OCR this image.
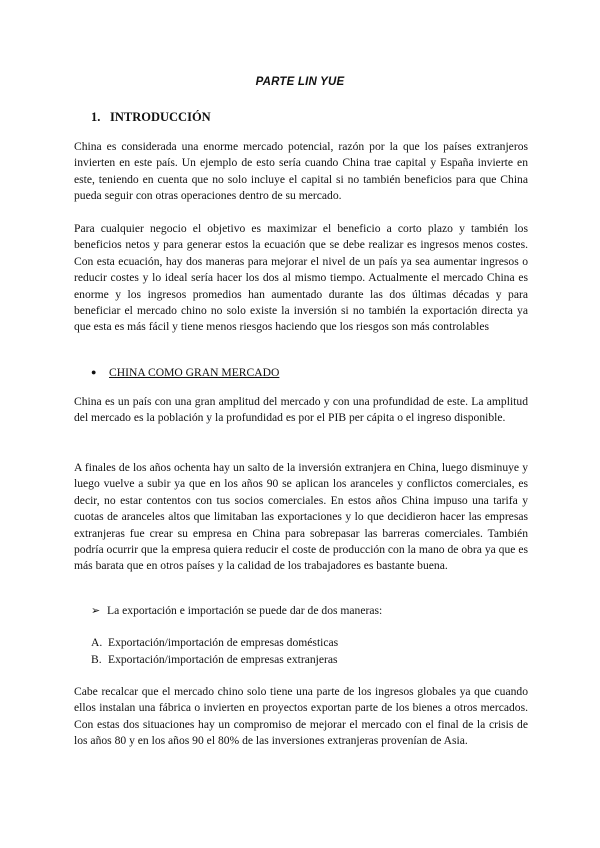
PARTE LIN YUE
1. INTRODUCCIÓN

China es considerada una enorme mercado potencial, razón por la que los países extranjeros invierten en este país. Un ejemplo de esto sería cuando China trae capital y España invierte en este, teniendo en cuenta que no solo incluye el capital si no también beneficios para que China pueda seguir con otras operaciones dentro de su mercado.

Para cualquier negocio el objetivo es maximizar el beneficio a corto plazo y también los beneficios netos y para generar estos la ecuación que se debe realizar es ingresos menos costes. Con esta ecuación, hay dos maneras para mejorar el nivel de un país ya sea aumentar ingresos o reducir costes y lo ideal sería hacer los dos al mismo tiempo. Actualmente el mercado China es enorme y los ingresos promedios han aumentado durante las dos últimas décadas y para beneficiar el mercado chino no solo existe la inversión si no también la exportación directa ya que esta es más fácil y tiene menos riesgos haciendo que los riesgos son más controlables

● CHINA COMO GRAN MERCADO

China es un país con una gran amplitud del mercado y con una profundidad de este. La amplitud del mercado es la población y la profundidad es por el PIB per cápita o el ingreso disponible.

A finales de los años ochenta hay un salto de la inversión extranjera en China, luego disminuye y luego vuelve a subir ya que en los años 90 se aplican los aranceles y conflictos comerciales, es decir, no estar contentos con tus socios comerciales. En estos años China impuso una tarifa y cuotas de aranceles altos que limitaban las exportaciones y lo que decidieron hacer las empresas extranjeras fue crear su empresa en China para sobrepasar las barreras comerciales. También podría ocurrir que la empresa quiera reducir el coste de producción con la mano de obra ya que es más barata que en otros países y la calidad de los trabajadores es bastante buena.

➢ La exportación e importación se puede dar de dos maneras:
A. Exportación/importación de empresas domésticas
B. Exportación/importación de empresas extranjeras

Cabe recalcar que el mercado chino solo tiene una parte de los ingresos globales ya que cuando ellos instalan una fábrica o invierten en proyectos exportan parte de los bienes a otros mercados. Con estas dos situaciones hay un compromiso de mejorar el mercado con el final de la crisis de los años 80 y en los años 90 el 80% de las inversiones extranjeras provenían de Asia.
